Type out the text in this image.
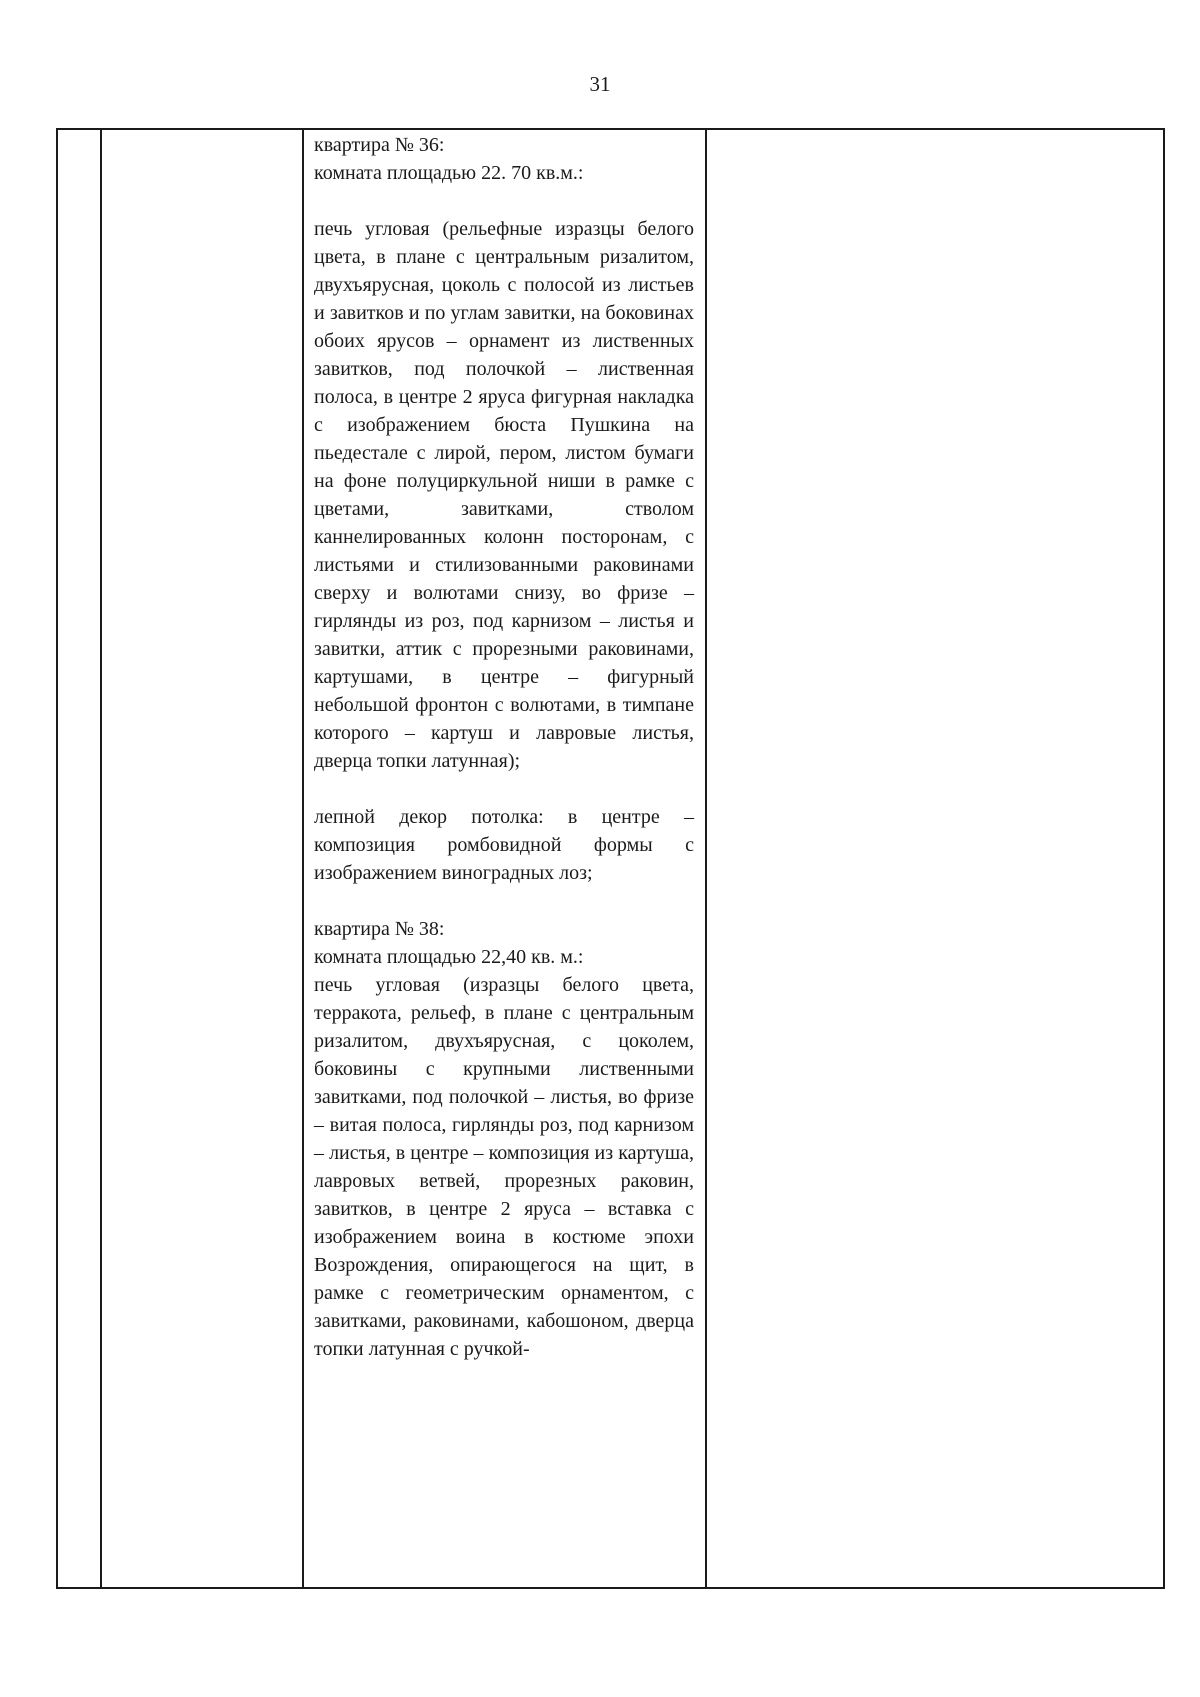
31

квартира № 36:

комната площадью 22. 70 кв.м.:

печь угловая (рельефные изразцы белого цвета, в плане с центральным ризалитом, двухъярусная, цоколь с полосой из листьев и завитков и по углам завитки, на боковинах обоих ярусов – орнамент из лиственных завитков, под полочкой – лиственная полоса, в центре 2 яруса фигурная накладка с изображением бюста Пушкина на пьедестале с лирой, пером, листом бумаги на фоне полуциркульной ниши в рамке с цветами, завитками, стволом каннелированных колонн посторонам, с листьями и стилизованными раковинами сверху и волютами снизу, во фризе – гирлянды из роз, под карнизом – листья и завитки, аттик с прорезными раковинами, картушами, в центре – фигурный небольшой фронтон с волютами, в тимпане которого – картуш и лавровые листья, дверца топки латунная);

лепной декор потолка: в центре – композиция ромбовидной формы с изображением виноградных лоз;

квартира № 38:

комната площадью 22,40 кв. м.:

печь угловая (изразцы белого цвета, терракота, рельеф, в плане с центральным ризалитом, двухъярусная, с цоколем, боковины с крупными лиственными завитками, под полочкой – листья, во фризе – витая полоса, гирлянды роз, под карнизом – листья, в центре – композиция из картуша, лавровых ветвей, прорезных раковин, завитков, в центре 2 яруса – вставка с изображением воина в костюме эпохи Возрождения, опирающегося на щит, в рамке с геометрическим орнаментом, с завитками, раковинами, кабошоном, дверца топки латунная с ручкой-
